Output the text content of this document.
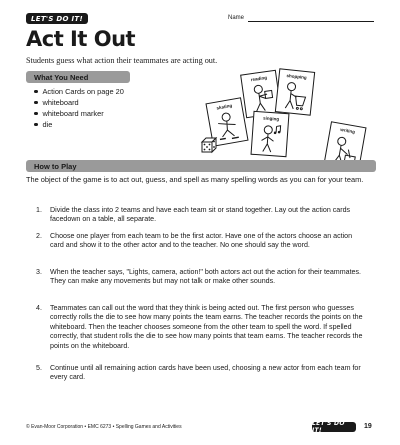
LET'S DO IT!	Name
Act It Out

Students guess what action their teammates are acting out.

What You Need
Action Cards on page 20
whiteboard
whiteboard marker
die
reading	shopping
skating
singing
writing
How to Play

The object of the game is to act out, guess, and spell as many spelling words as you can for your team.

1.	Divide the class into 2 teams and have each team sit or stand together. Lay out the action cards facedown on a table, all separate.
2.	Choose one player from each team to be the first actor. Have one of the actors choose an action card and show it to the other actor and to the teacher. No one should say the word.
3.	When the teacher says, "Lights, camera, action!" both actors act out the action for their teammates. They can make any movements but may not talk or make other sounds.
4.	Teammates can call out the word that they think is being acted out. The first person who guesses correctly rolls the die to see how many points the team earns. The teacher records the points on the whiteboard. Then the teacher chooses someone from the other team to spell the word. If spelled correctly, that student rolls the die to see how many points that team earns. The teacher records the points on the whiteboard.
5.	Continue until all remaining action cards have been used, choosing a new actor from each team for every card.
© Evan-Moor Corporation • EMC 6273 • Spelling Games and Activities	LET'S DO IT!
19
